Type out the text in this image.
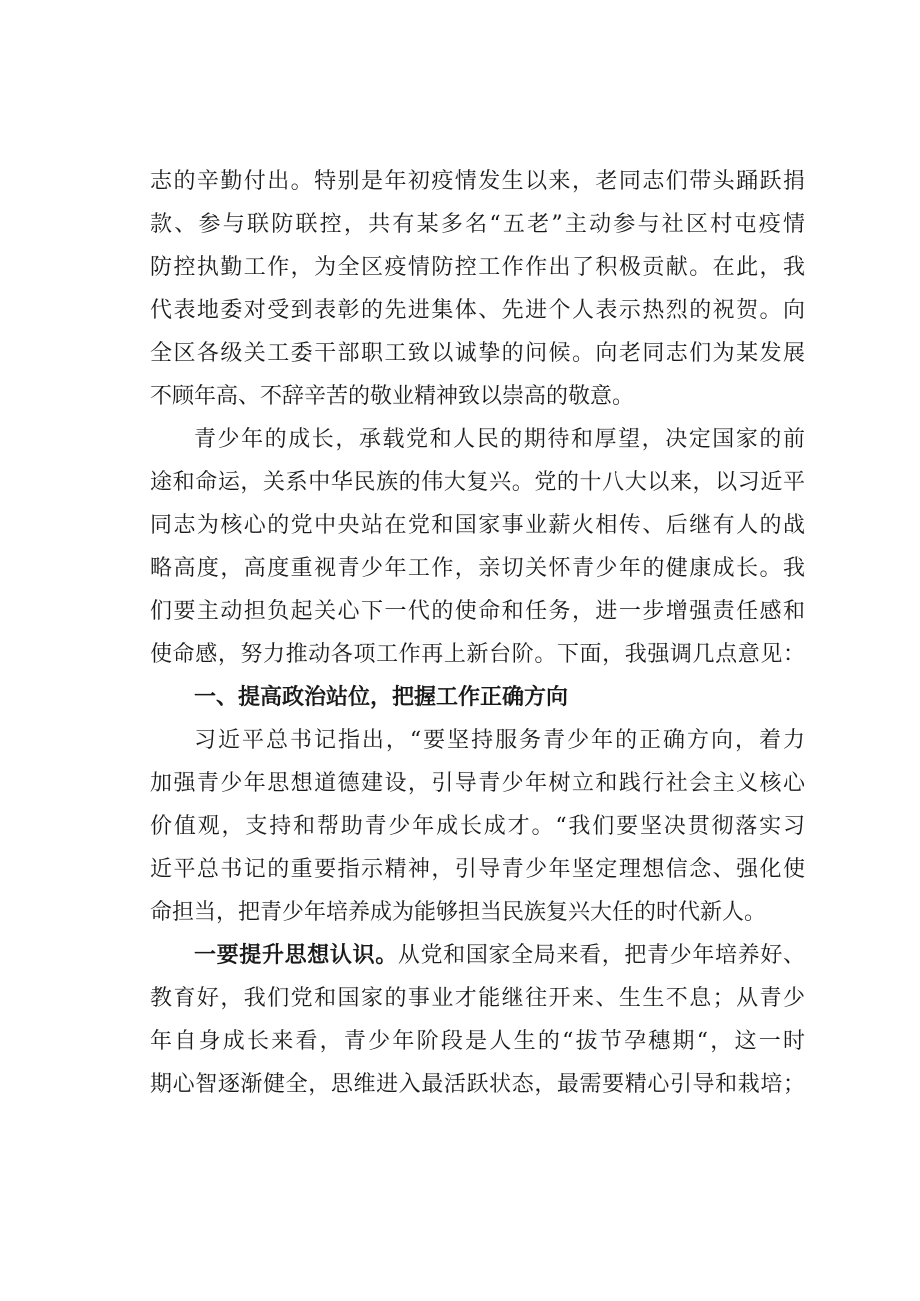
志的辛勤付出。特别是年初疫情发生以来，老同志们带头踊跃捐
款、参与联防联控，共有某多名“五老”主动参与社区村屯疫情
防控执勤工作，为全区疫情防控工作作出了积极贡献。在此，我
代表地委对受到表彰的先进集体、先进个人表示热烈的祝贺。向
全区各级关工委干部职工致以诚挚的问候。向老同志们为某发展
不顾年高、不辞辛苦的敬业精神致以崇高的敬意。
青少年的成长，承载党和人民的期待和厚望，决定国家的前
途和命运，关系中华民族的伟大复兴。党的十八大以来，以习近平
同志为核心的党中央站在党和国家事业薪火相传、后继有人的战
略高度，高度重视青少年工作，亲切关怀青少年的健康成长。我
们要主动担负起关心下一代的使命和任务，进一步增强责任感和
使命感，努力推动各项工作再上新台阶。下面，我强调几点意见：
一、提高政治站位，把握工作正确方向
习近平总书记指出，“要坚持服务青少年的正确方向，着力
加强青少年思想道德建设，引导青少年树立和践行社会主义核心
价值观，支持和帮助青少年成长成才。“我们要坚决贯彻落实习
近平总书记的重要指示精神，引导青少年坚定理想信念、强化使
命担当，把青少年培养成为能够担当民族复兴大任的时代新人。
一要提升思想认识。从党和国家全局来看，把青少年培养好、
教育好，我们党和国家的事业才能继往开来、生生不息；从青少
年自身成长来看，青少年阶段是人生的“拔节孕穗期“，这一时
期心智逐渐健全，思维进入最活跃状态，最需要精心引导和栽培；
